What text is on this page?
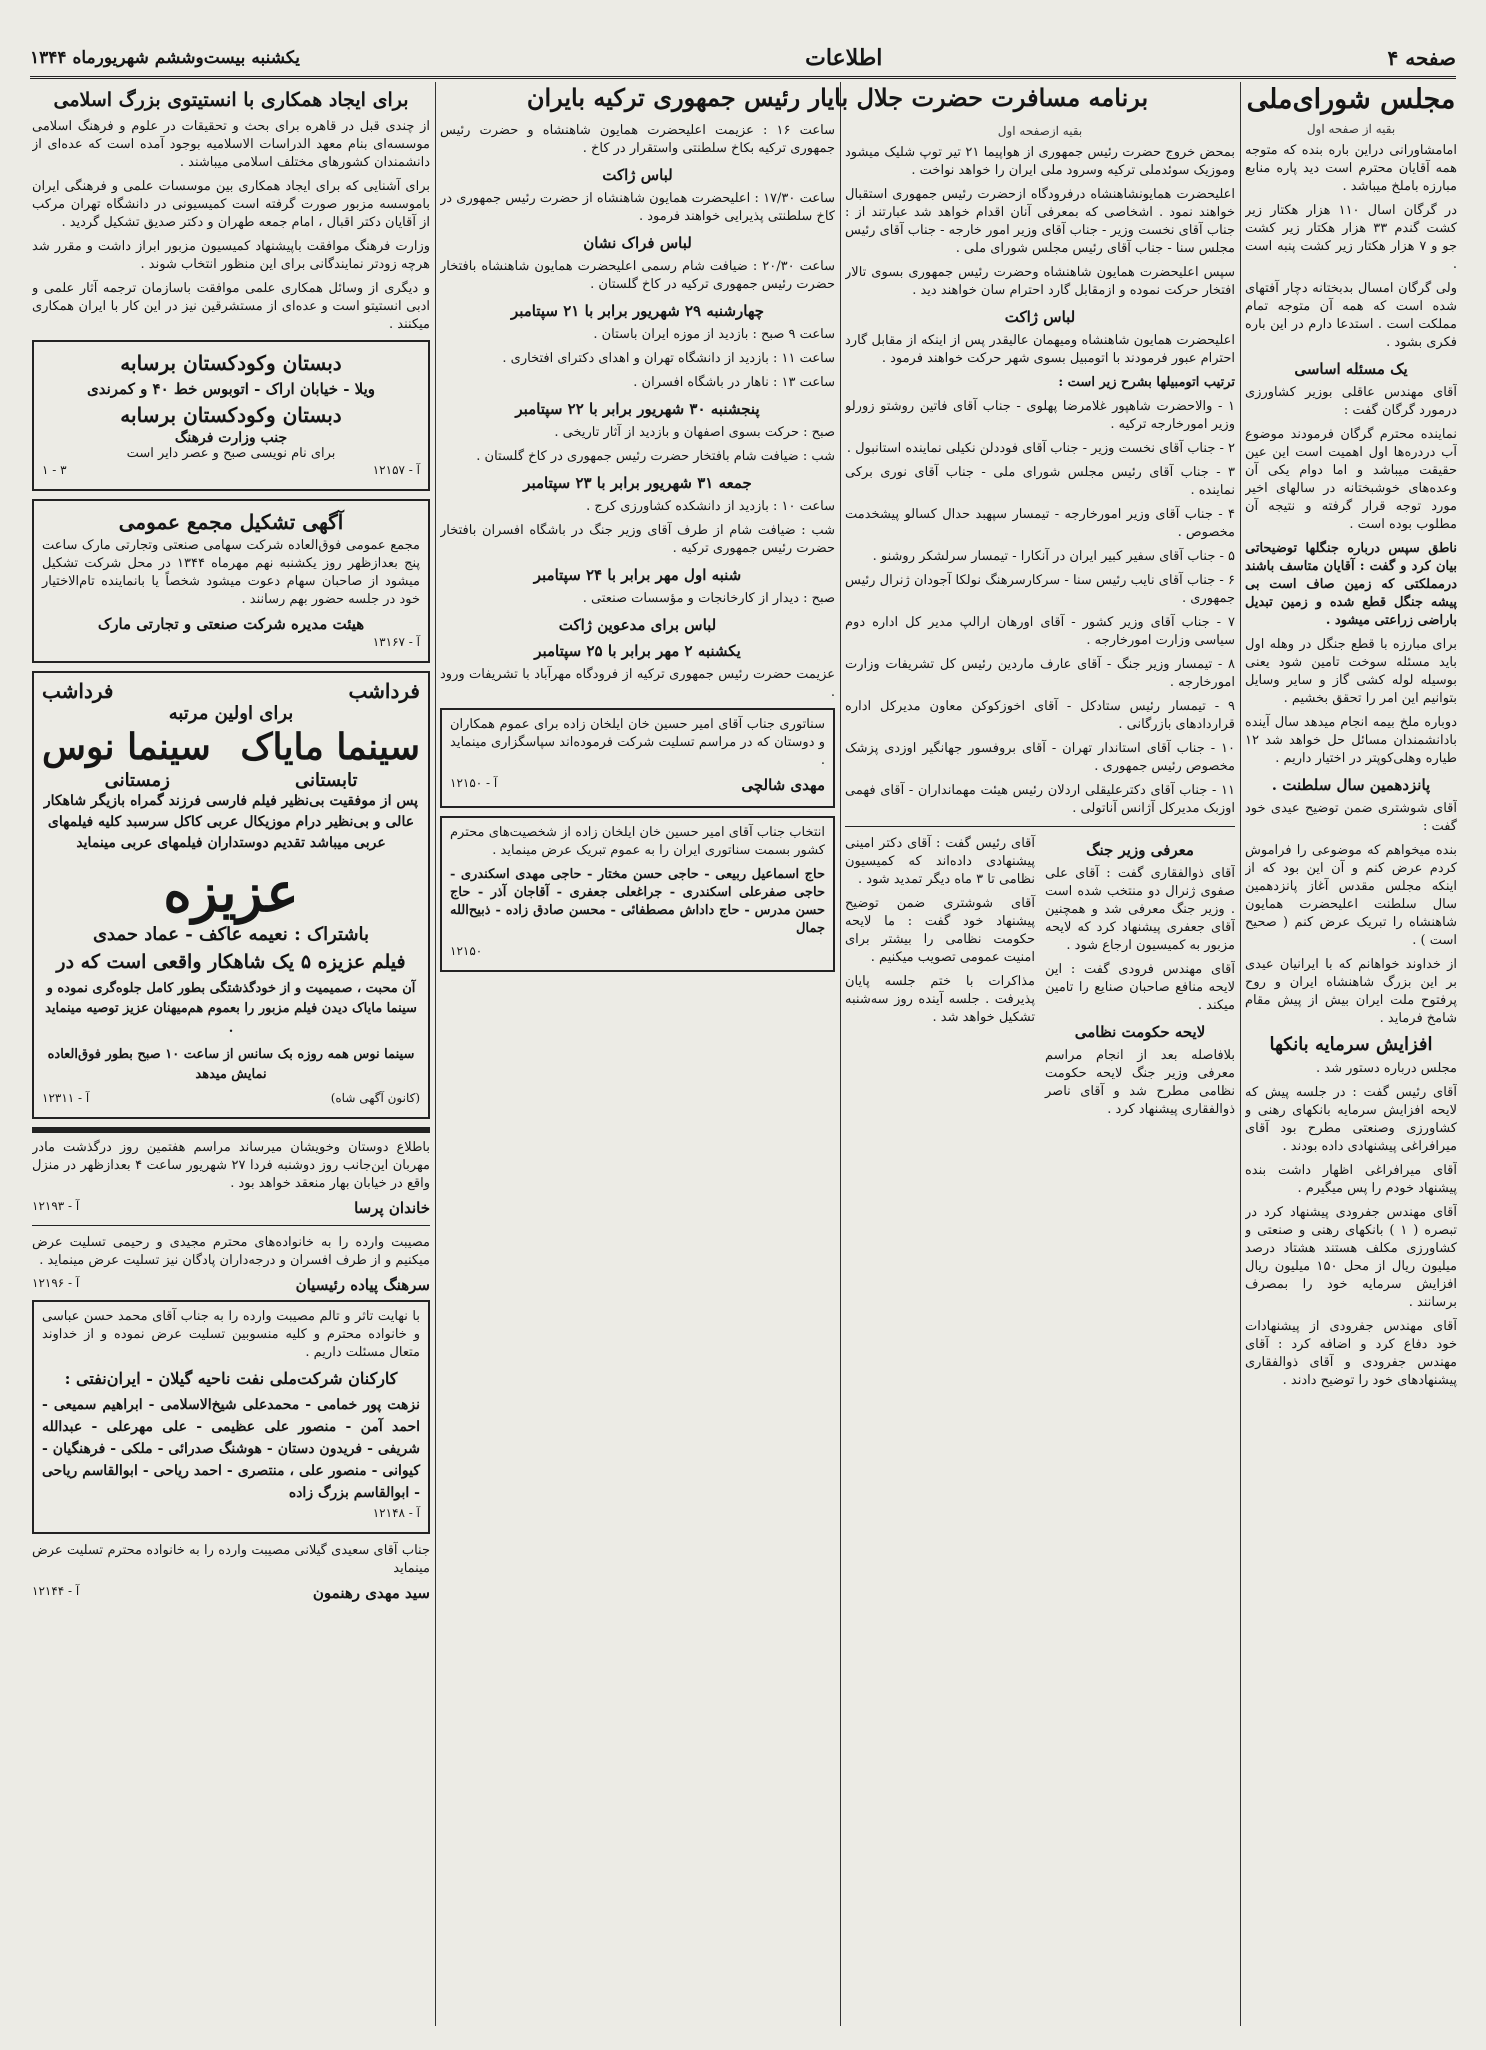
صفحه ۴
اطلاعات
یکشنبه بیست‌وششم شهریورماه ۱۳۴۴
مجلس شورای‌ملی
بقیه از صفحه اول

امامشاورانی دراین باره بنده که متوجه همه آقایان محترم است دید پاره منابع مبارزه باملخ میباشد .

در گرگان اسال ۱۱۰ هزار هکتار زیر کشت گندم ۳۳ هزار هکتار زیر کشت جو و ۷ هزار هکتار زیر کشت پنبه است .

ولی گرگان امسال بدبختانه دچار آفتهای شده است که همه آن متوجه تمام مملکت است . استدعا دارم در این باره فکری بشود .

یک مسئله اساسی

آقای مهندس عاقلی بوزیر کشاورزی درمورد گرگان گفت :

نماینده محترم گرگان فرمودند موضوع آب دردره‌ها اول اهمیت است این عین حقیقت میباشد و اما دوام یکی آن وعده‌های خوشبختانه در سالهای اخیر مورد توجه قرار گرفته و نتیجه آن مطلوب بوده است .

ناطق سپس درباره جنگلها توضیحاتی بیان کرد و گفت : آقایان متاسف باشند درمملکتی که زمین صاف است بی پیشه جنگل قطع شده و زمین تبدیل باراضی زراعتی میشود .

برای مبارزه با قطع جنگل در وهله اول باید مسئله سوخت تامین شود یعنی بوسیله لوله کشی گاز و سایر وسایل بتوانیم این امر را تحقق بخشیم .

دوباره ملخ بیمه انجام میدهد سال آینده بادانشمندان مسائل حل خواهد شد ۱۲ طیاره وهلی‌کوپتر در اختیار داریم .

پانزدهمین سال سلطنت .

آقای شوشتری ضمن توضیح عیدی خود گفت :

بنده میخواهم که موضوعی را فراموش کردم عرض کنم و آن این بود که از اینکه مجلس مقدس آغاز پانزدهمین سال سلطنت اعلیحضرت همایون شاهنشاه را تبریک عرض کنم ( صحیح است ) .

از خداوند خواهانم که با ایرانیان عیدی بر این بزرگ شاهنشاه ایران و روح پرفتوح ملت ایران بیش از پیش مقام شامخ فرماید .

افزایش سرمایه بانکها

مجلس درباره دستور شد .

آقای رئیس گفت : در جلسه پیش که لایحه افزایش سرمایه بانکهای رهنی و کشاورزی وصنعتی مطرح بود آقای میرافراغی پیشنهادی داده بودند .

آقای میرافراغی اظهار داشت بنده پیشنهاد خودم را پس میگیرم .

آقای مهندس جفرودی پیشنهاد کرد در تبصره ( ۱ ) بانکهای رهنی و صنعتی و کشاورزی مکلف هستند هشتاد درصد میلیون ریال از محل ۱۵۰ میلیون ریال افزایش سرمایه خود را بمصرف برسانند .

آقای مهندس جفرودی از پیشنهادات خود دفاع کرد و اضافه کرد : آقای مهندس جفرودی و آقای ذوالفقاری پیشنهادهای خود را توضیح دادند .

برنامه مسافرت حضرت جلال بایار رئیس جمهوری ترکیه بایران
بقیه ازصفحه اول

بمحض خروج حضرت رئیس جمهوری از هواپیما ۲۱ تیر توپ شلیک میشود وموزیک سوئدملی ترکیه وسرود ملی ایران را خواهد نواخت .

اعلیحضرت همایونشاهنشاه درفرودگاه ازحضرت رئیس جمهوری استقبال خواهند نمود . اشخاصی که بمعرفی آنان اقدام خواهد شد عبارتند از : جناب آقای نخست وزیر - جناب آقای وزیر امور خارجه - جناب آقای رئیس مجلس سنا - جناب آقای رئیس مجلس شورای ملی .

سپس اعلیحضرت همایون شاهنشاه وحضرت رئیس جمهوری بسوی تالار افتخار حرکت نموده و ازمقابل گارد احترام سان خواهند دید .

لباس ژاکت

اعلیحضرت همایون شاهنشاه ومیهمان عالیقدر پس از اینکه از مقابل گارد احترام عبور فرمودند با اتومبیل بسوی شهر حرکت خواهند فرمود .

ترتیب اتومبیلها بشرح زیر است :

۱ - والاحضرت شاهپور غلامرضا پهلوی - جناب آقای فاتین روشتو زورلو وزیر امورخارجه ترکیه .

۲ - جناب آقای نخست وزیر - جناب آقای فوددلن نکیلی نماینده استانبول .

۳ - جناب آقای رئیس مجلس شورای ملی - جناب آقای نوری برکی نماینده .

۴ - جناب آقای وزیر امورخارجه - تیمسار سپهبد حدال کسالو پیشخدمت مخصوص .

۵ - جناب آقای سفیر کبیر ایران در آنکارا - تیمسار سرلشکر روشنو .

۶ - جناب آقای نایب رئیس سنا - سرکارسرهنگ نولکا آجودان ژنرال رئیس جمهوری .

۷ - جناب آقای وزیر کشور - آقای اورهان ارالپ مدیر کل اداره دوم سیاسی وزارت امورخارجه .

۸ - تیمسار وزیر جنگ - آقای عارف ماردین رئیس کل تشریفات وزارت امورخارجه .

۹ - تیمسار رئیس ستادکل - آقای اخوزکوکن معاون مدیرکل اداره قراردادهای بازرگانی .

۱۰ - جناب آقای استاندار تهران - آقای بروفسور جهانگیر اوزدی پزشک مخصوص رئیس جمهوری .

۱۱ - جناب آقای دکترعلیقلی اردلان رئیس هیئت مهمانداران - آقای فهمی اوزبک مدیرکل آژانس آناتولی .

معرفی وزیر جنگ

آقای ذوالفقاری گفت : آقای علی صفوی ژنرال دو منتخب شده است . وزیر جنگ معرفی شد و همچنین آقای جعفری پیشنهاد کرد که لایحه مزبور به کمیسیون ارجاع شود .

آقای مهندس فرودی گفت : این لایحه منافع صاحبان صنایع را تامین میکند .

لایحه حکومت نظامی

بلافاصله بعد از انجام مراسم معرفی وزیر جنگ لایحه حکومت نظامی مطرح شد و آقای ناصر ذوالفقاری پیشنهاد کرد .

آقای رئیس گفت : آقای دکتر امینی پیشنهادی داده‌اند که کمیسیون نظامی تا ۳ ماه دیگر تمدید شود .

آقای شوشتری ضمن توضیح پیشنهاد خود گفت : ما لایحه حکومت نظامی را بیشتر برای امنیت عمومی تصویب میکنیم .

مذاکرات با ختم جلسه پایان پذیرفت . جلسه آینده روز سه‌شنبه تشکیل خواهد شد .

ساعت ۱۶ : عزیمت اعلیحضرت همایون شاهنشاه و حضرت رئیس جمهوری ترکیه بکاخ سلطنتی واستقرار در کاخ .

لباس ژاکت

ساعت ۱۷/۳۰ : اعلیحضرت همایون شاهنشاه از حضرت رئیس جمهوری در کاخ سلطنتی پذیرایی خواهند فرمود .

لباس فراک نشان

ساعت ۲۰/۳۰ : ضیافت شام رسمی اعلیحضرت همایون شاهنشاه بافتخار حضرت رئیس جمهوری ترکیه در کاخ گلستان .

چهارشنبه ۲۹ شهریور برابر با ۲۱ سپتامبر

ساعت ۹ صبح : بازدید از موزه ایران باستان .

ساعت ۱۱ : بازدید از دانشگاه تهران و اهدای دکترای افتخاری .

ساعت ۱۳ : ناهار در باشگاه افسران .

پنجشنبه ۳۰ شهریور برابر با ۲۲ سپتامبر

صبح : حرکت بسوی اصفهان و بازدید از آثار تاریخی .

شب : ضیافت شام بافتخار حضرت رئیس جمهوری در کاخ گلستان .

جمعه ۳۱ شهریور برابر با ۲۳ سپتامبر

ساعت ۱۰ : بازدید از دانشکده کشاورزی کرج .

شب : ضیافت شام از طرف آقای وزیر جنگ در باشگاه افسران بافتخار حضرت رئیس جمهوری ترکیه .

شنبه اول مهر برابر با ۲۴ سپتامبر

صبح : دیدار از کارخانجات و مؤسسات صنعتی .

لباس برای مدعوین ژاکت
یکشنبه ۲ مهر برابر با ۲۵ سپتامبر

عزیمت حضرت رئیس جمهوری ترکیه از فرودگاه مهرآباد با تشریفات ورود .

سناتوری جناب آقای امیر حسین خان ایلخان زاده برای عموم همکاران و دوستان که در مراسم تسلیت شرکت فرموده‌اند سپاسگزاری مینماید .

مهدی شالچی
آ - ۱۲۱۵۰

انتخاب جناب آقای امیر حسین خان ایلخان زاده از شخصیت‌های محترم کشور بسمت سناتوری ایران را به عموم تبریک عرض مینماید .

حاج اسماعیل ربیعی - حاجی حسن مختار - حاجی مهدی اسکندری - حاجی صفرعلی اسکندری - جراغعلی جعفری - آقاجان آذر - حاج حسن مدرس - حاج داداش مصطفائی - محسن صادق زاده - ذبیح‌الله جمال

۱۲۱۵۰
برای ایجاد همکاری با انستیتوی بزرگ اسلامی

از چندی قبل در قاهره برای بحث و تحقیقات در علوم و فرهنگ اسلامی موسسه‌ای بنام معهد الدراسات الاسلامیه بوجود آمده است که عده‌ای از دانشمندان کشورهای مختلف اسلامی میباشند .

برای آشنایی که برای ایجاد همکاری بین موسسات علمی و فرهنگی ایران باموسسه مزبور صورت گرفته است کمیسیونی در دانشگاه تهران مرکب از آقایان دکتر اقبال ، امام جمعه طهران و دکتر صدیق تشکیل گردید .

وزارت فرهنگ موافقت باپیشنهاد کمیسیون مزبور ابراز داشت و مقرر شد هرچه زودتر نمایندگانی برای این منظور انتخاب شوند .

و دیگری از وسائل همکاری علمی موافقت باسازمان ترجمه آثار علمی و ادبی انستیتو است و عده‌ای از مستشرقین نیز در این کار با ایران همکاری میکنند .

دبستان وکودکستان برسابه
ویلا - خیابان اراک - اتوبوس خط ۴۰ و کمرندی
دبستان وکودکستان برسابه
جنب وزارت فرهنگ
برای نام نویسی صبح و عصر دایر است
آ - ۱۲۱۵۷
۳ - ۱
آگهی تشکیل مجمع عمومی

مجمع عمومی فوق‌العاده شرکت سهامی صنعتی وتجارتی مارک ساعت پنج بعدازظهر روز یکشنبه نهم مهرماه ۱۳۴۴ در محل شرکت تشکیل میشود از صاحبان سهام دعوت میشود شخصاً یا بانماینده تام‌الاختیار خود در جلسه حضور بهم رسانند .

هیئت مدیره شرکت صنعتی و تجارتی مارک
آ - ۱۳۱۶۷
فرداشب
فرداشب
برای اولین مرتبه
سینما مایاک
سینما نوس
تابستانی
زمستانی

پس از موفقیت بی‌نظیر فیلم فارسی فرزند گمراه بازیگر شاهکار عالی و بی‌نظیر درام موزیکال عربی کاکل سرسبد کلیه فیلمهای عربی میباشد تقدیم دوستداران فیلمهای عربی مینماید

عزیزه
باشتراک : نعیمه عاکف - عماد حمدی
فیلم عزیزه ۵ یک شاهکار واقعی است که در

آن محبت ، صمیمیت و از خودگذشتگی بطور کامل جلوه‌گری نموده و سینما مایاک دیدن فیلم مزبور را بعموم هم‌میهنان عزیز توصیه مینماید .

سینما نوس همه روزه بک سانس از ساعت ۱۰ صبح بطور فوق‌العاده نمایش میدهد

(کانون آگهی شاه)
آ - ۱۲۳۱۱

باطلاع دوستان وخویشان میرساند مراسم هفتمین روز درگذشت مادر مهربان این‌جانب روز دوشنبه فردا ۲۷ شهریور ساعت ۴ بعدازظهر در منزل واقع در خیابان بهار منعقد خواهد بود .

خاندان پرسا
آ - ۱۲۱۹۳

مصیبت وارده را به خانواده‌های محترم مجیدی و رحیمی تسلیت عرض میکنیم و از طرف افسران و درجه‌داران پادگان نیز تسلیت عرض مینماید .

سرهنگ پیاده رئیسیان
آ - ۱۲۱۹۶

با نهایت تاثر و تالم مصیبت وارده را به جناب آقای محمد حسن عباسی و خانواده محترم و کلیه منسوبین تسلیت عرض نموده و از خداوند متعال مسئلت داریم .

کارکنان شرکت‌ملی نفت ناحیه گیلان - ایران‌نفتی :
نزهت پور خمامی - محمدعلی شیخ‌الاسلامی - ابراهیم سمیعی - احمد آمن - منصور علی عظیمی - علی مهرعلی - عبدالله شریفی - فریدون دستان - هوشنگ صدرائی - ملکی - فرهنگیان - کیوانی - منصور علی ، منتصری - احمد ریاحی - ابوالقاسم ریاحی - ابوالقاسم بزرگ زاده
آ - ۱۲۱۴۸

جناب آقای سعیدی گیلانی مصیبت وارده را به خانواده محترم تسلیت عرض مینماید

سید مهدی رهنمون
آ - ۱۲۱۴۴
